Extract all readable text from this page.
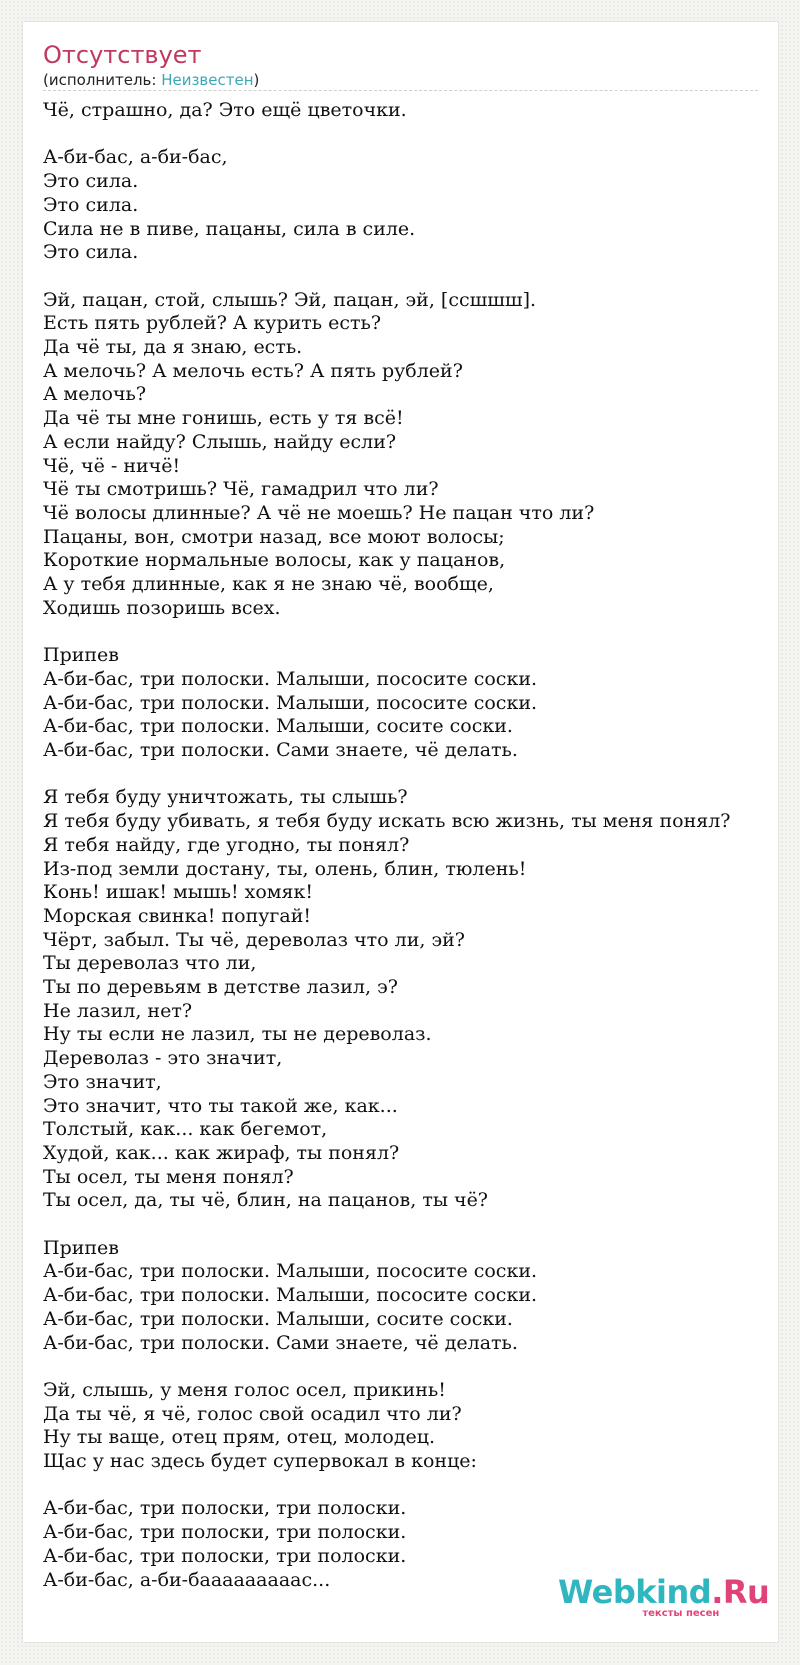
Отсутствует
(исполнитель: Неизвестен)
Чё, страшно, да? Это ещё цветочки.

А-би-бас, а-би-бас,
Это сила.
Это сила.
Сила не в пиве, пацаны, сила в силе.
Это сила.

Эй, пацан, стой, слышь? Эй, пацан, эй, [ссшшш].
Есть пять рублей? А курить есть?
Да чё ты, да я знаю, есть.
А мелочь? А мелочь есть? А пять рублей?
А мелочь?
Да чё ты мне гонишь, есть у тя всё!
А если найду? Слышь, найду если?
Чё, чё - ничё!
Чё ты смотришь? Чё, гамадрил что ли?
Чё волосы длинные? А чё не моешь? Не пацан что ли?
Пацаны, вон, смотри назад, все моют волосы;
Короткие нормальные волосы, как у пацанов,
А у тебя длинные, как я не знаю чё, вообще,
Ходишь позоришь всех.

Припев
А-би-бас, три полоски. Малыши, пососите соски.
А-би-бас, три полоски. Малыши, пососите соски.
А-би-бас, три полоски. Малыши, сосите соски.
А-би-бас, три полоски. Сами знаете, чё делать.

Я тебя буду уничтожать, ты слышь?
Я тебя буду убивать, я тебя буду искать всю жизнь, ты меня понял?
Я тебя найду, где угодно, ты понял?
Из-под земли достану, ты, олень, блин, тюлень!
Конь! ишак! мышь! хомяк!
Морская свинка! попугай!
Чёрт, забыл. Ты чё, дереволаз что ли, эй?
Ты дереволаз что ли,
Ты по деревьям в детстве лазил, э?
Не лазил, нет?
Ну ты если не лазил, ты не дереволаз.
Дереволаз - это значит,
Это значит,
Это значит, что ты такой же, как...
Толстый, как... как бегемот,
Худой, как... как жираф, ты понял?
Ты осел, ты меня понял?
Ты осел, да, ты чё, блин, на пацанов, ты чё?

Припев
А-би-бас, три полоски. Малыши, пососите соски.
А-би-бас, три полоски. Малыши, пососите соски.
А-би-бас, три полоски. Малыши, сосите соски.
А-би-бас, три полоски. Сами знаете, чё делать.

Эй, слышь, у меня голос осел, прикинь!
Да ты чё, я чё, голос свой осадил что ли?
Ну ты ваще, отец прям, отец, молодец.
Щас у нас здесь будет супервокал в конце:

А-би-бас, три полоски, три полоски.
А-би-бас, три полоски, три полоски.
А-би-бас, три полоски, три полоски.
А-би-бас, а-би-бааааааааас...	Webkind.Ru
тексты песен
